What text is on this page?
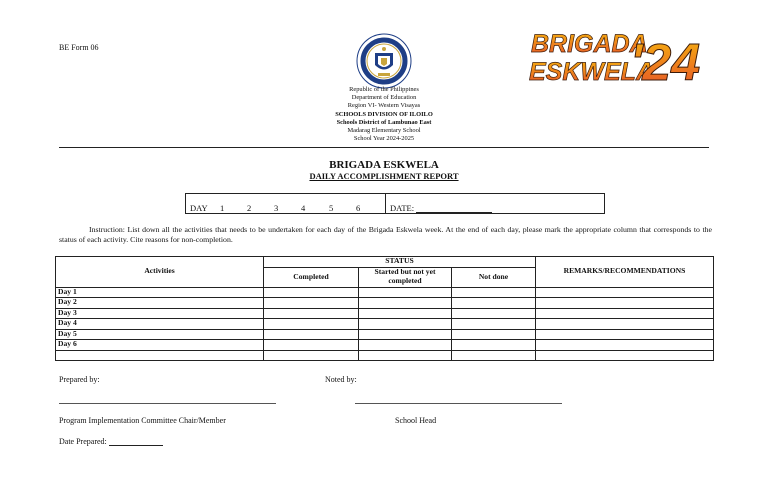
BE Form 06
Republic of the Philippines
Department of Education
Region VI- Western Visayas
SCHOOLS DIVISION OF ILOILO
Schools District of Lambunao East
Madarag Elementary School
School Year 2024-2025
BRIGADA
ESKWELA
'24
BRIGADA ESKWELA
DAILY ACCOMPLISHMENT REPORT
DAY 1	2	3	4	5	6	DATE:
Instruction: List down all the activities that needs to be undertaken for each day of the Brigada Eskwela week. At the end of each day, please mark the appropriate column that corresponds to the status of each activity. Cite reasons for non-completion.
Activities	STATUS			REMARKS/RECOMMENDATIONS
	Completed	Started but not yet completed	Not done	
Day 1				
Day 2				
Day 3				
Day 4				
Day 5				
Day 6				

Prepared by:	Noted by:
Program Implementation Committee Chair/Member	School Head
Date Prepared:
